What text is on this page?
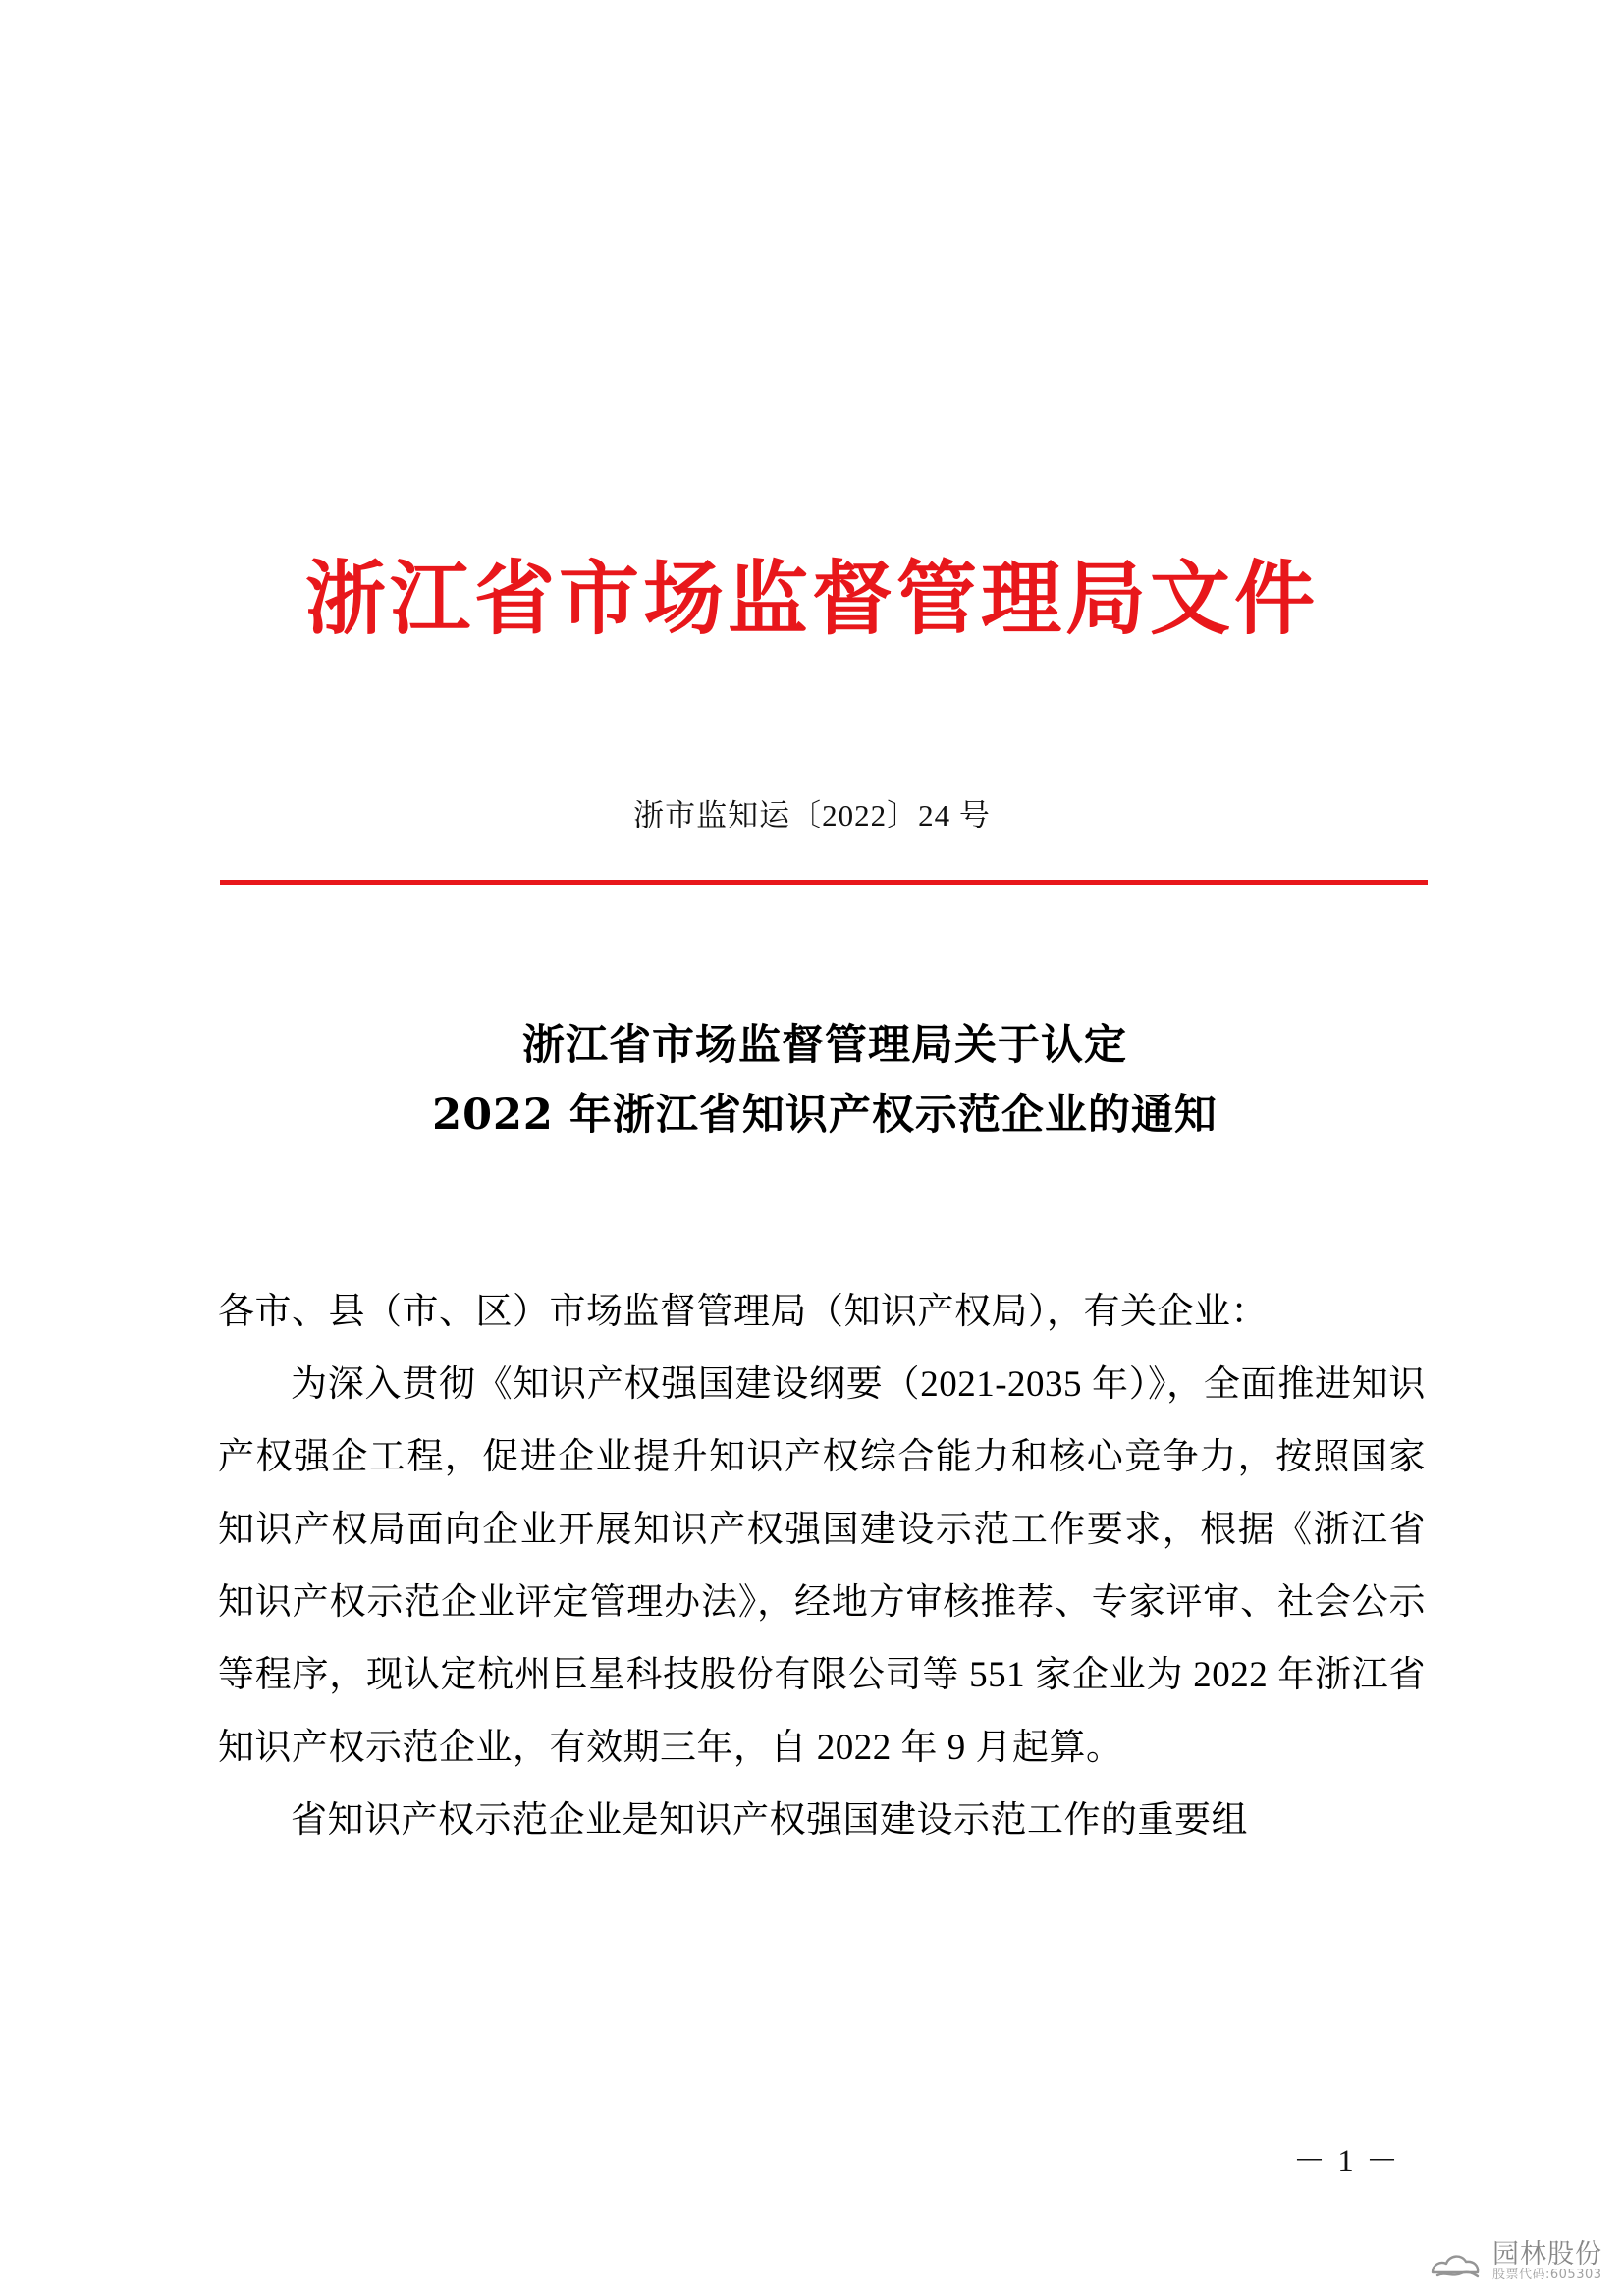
浙江省市场监督管理局文件
浙市监知运〔2022〕24 号
浙江省市场监督管理局关于认定
2022 年浙江省知识产权示范企业的通知

各市、县（市、区）市场监督管理局（知识产权局），有关企业：

为深入贯彻《知识产权强国建设纲要（2021-2035 年）》，全面推进知识产权强企工程，促进企业提升知识产权综合能力和核心竞争力，按照国家知识产权局面向企业开展知识产权强国建设示范工作要求，根据《浙江省知识产权示范企业评定管理办法》，经地方审核推荐、专家评审、社会公示等程序，现认定杭州巨星科技股份有限公司等 551 家企业为 2022 年浙江省知识产权示范企业，有效期三年，自 2022 年 9 月起算。

省知识产权示范企业是知识产权强国建设示范工作的重要组

－ 1 －
园林股份
股票代码:605303
